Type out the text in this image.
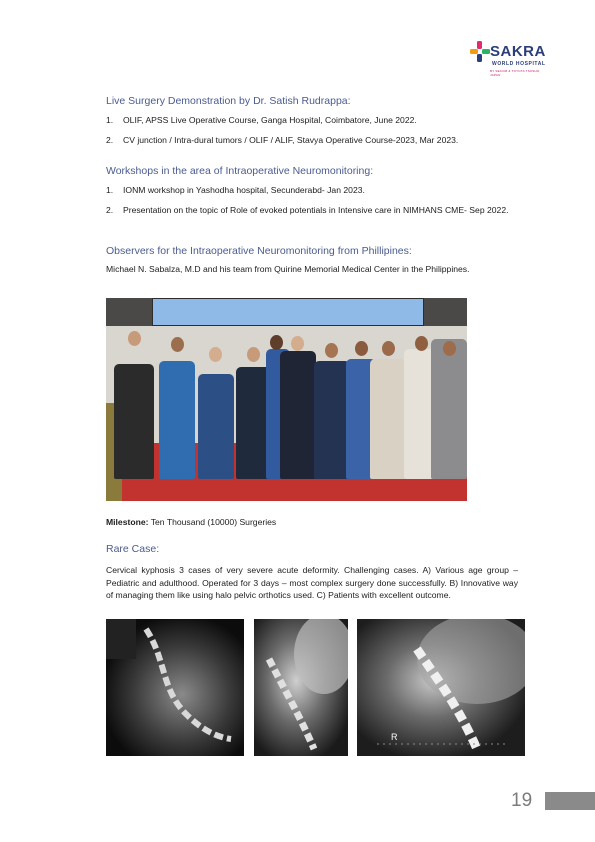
SAKRA
WORLD HOSPITAL
BY SECOM & TOYOTA TSUSHO, JAPAN

Live Surgery Demonstration by Dr. Satish Rudrappa:

1. OLIF, APSS Live Operative Course, Ganga Hospital, Coimbatore, June 2022.
2. CV junction / Intra-dural tumors / OLIF / ALIF, Stavya Operative Course-2023, Mar 2023.

Workshops in the area of Intraoperative Neuromonitoring:

1. IONM workshop in Yashodha hospital, Secunderabd- Jan 2023.
2. Presentation on the topic of Role of evoked potentials in Intensive care in NIMHANS CME- Sep 2022.

Observers for the Intraoperative Neuromonitoring from Phillipines:

Michael N. Sabalza, M.D and his team from Quirine Memorial Medical Center in the Philippines.

Milestone: Ten Thousand (10000) Surgeries

Rare Case:

Cervical kyphosis 3 cases of very severe acute deformity. Challenging cases. A) Various age group – Pediatric and adulthood. Operated for 3 days – most complex surgery done successfully. B) Innovative way of managing them like using halo pelvic orthotics used. C) Patients with excellent outcome.

R
19
